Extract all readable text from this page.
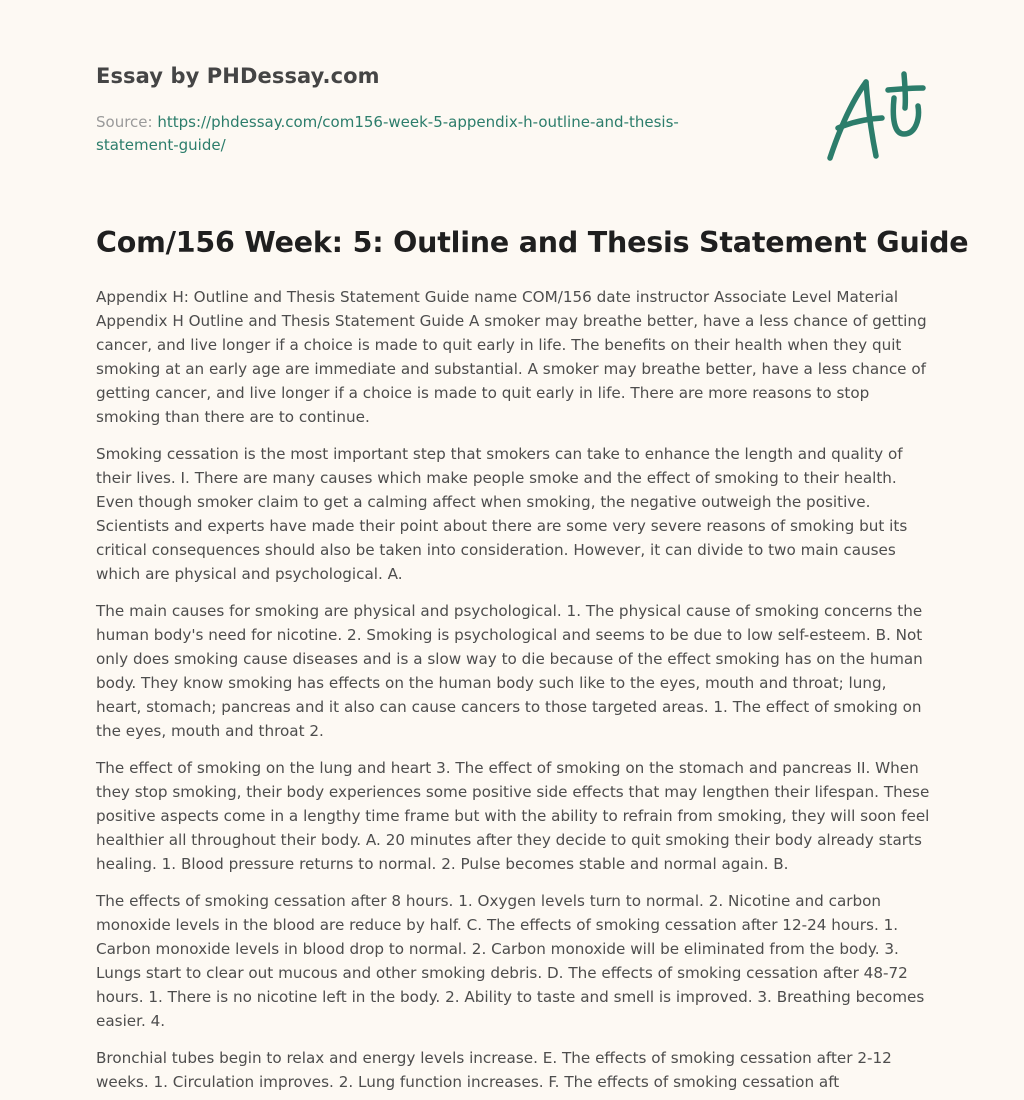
Essay by PHDessay.com

Source: https://phdessay.com/com156-week-5-appendix-h-outline-and-thesis-
statement-guide/

Com/156 Week: 5: Outline and Thesis Statement Guide

Appendix H: Outline and Thesis Statement Guide name COM/156 date instructor Associate Level Material Appendix H Outline and Thesis Statement Guide A smoker may breathe better, have a less chance of getting cancer, and live longer if a choice is made to quit early in life. The benefits on their health when they quit smoking at an early age are immediate and substantial. A smoker may breathe better, have a less chance of getting cancer, and live longer if a choice is made to quit early in life. There are more reasons to stop smoking than there are to continue.

Smoking cessation is the most important step that smokers can take to enhance the length and quality of their lives. I. There are many causes which make people smoke and the effect of smoking to their health. Even though smoker claim to get a calming affect when smoking, the negative outweigh the positive. Scientists and experts have made their point about there are some very severe reasons of smoking but its critical consequences should also be taken into consideration. However, it can divide to two main causes which are physical and psychological. A.

The main causes for smoking are physical and psychological. 1. The physical cause of smoking concerns the human body's need for nicotine. 2. Smoking is psychological and seems to be due to low self-esteem. B. Not only does smoking cause diseases and is a slow way to die because of the effect smoking has on the human body. They know smoking has effects on the human body such like to the eyes, mouth and throat; lung, heart, stomach; pancreas and it also can cause cancers to those targeted areas. 1. The effect of smoking on the eyes, mouth and throat 2.

The effect of smoking on the lung and heart 3. The effect of smoking on the stomach and pancreas II. When they stop smoking, their body experiences some positive side effects that may lengthen their lifespan. These positive aspects come in a lengthy time frame but with the ability to refrain from smoking, they will soon feel healthier all throughout their body. A. 20 minutes after they decide to quit smoking their body already starts healing. 1. Blood pressure returns to normal. 2. Pulse becomes stable and normal again. B.

The effects of smoking cessation after 8 hours. 1. Oxygen levels turn to normal. 2. Nicotine and carbon monoxide levels in the blood are reduce by half. C. The effects of smoking cessation after 12-24 hours. 1. Carbon monoxide levels in blood drop to normal. 2. Carbon monoxide will be eliminated from the body. 3. Lungs start to clear out mucous and other smoking debris. D. The effects of smoking cessation after 48-72 hours. 1. There is no nicotine left in the body. 2. Ability to taste and smell is improved. 3. Breathing becomes easier. 4.

Bronchial tubes begin to relax and energy levels increase. E. The effects of smoking cessation after 2-12 weeks. 1. Circulation improves. 2. Lung function increases. F. The effects of smoking cessation aft
